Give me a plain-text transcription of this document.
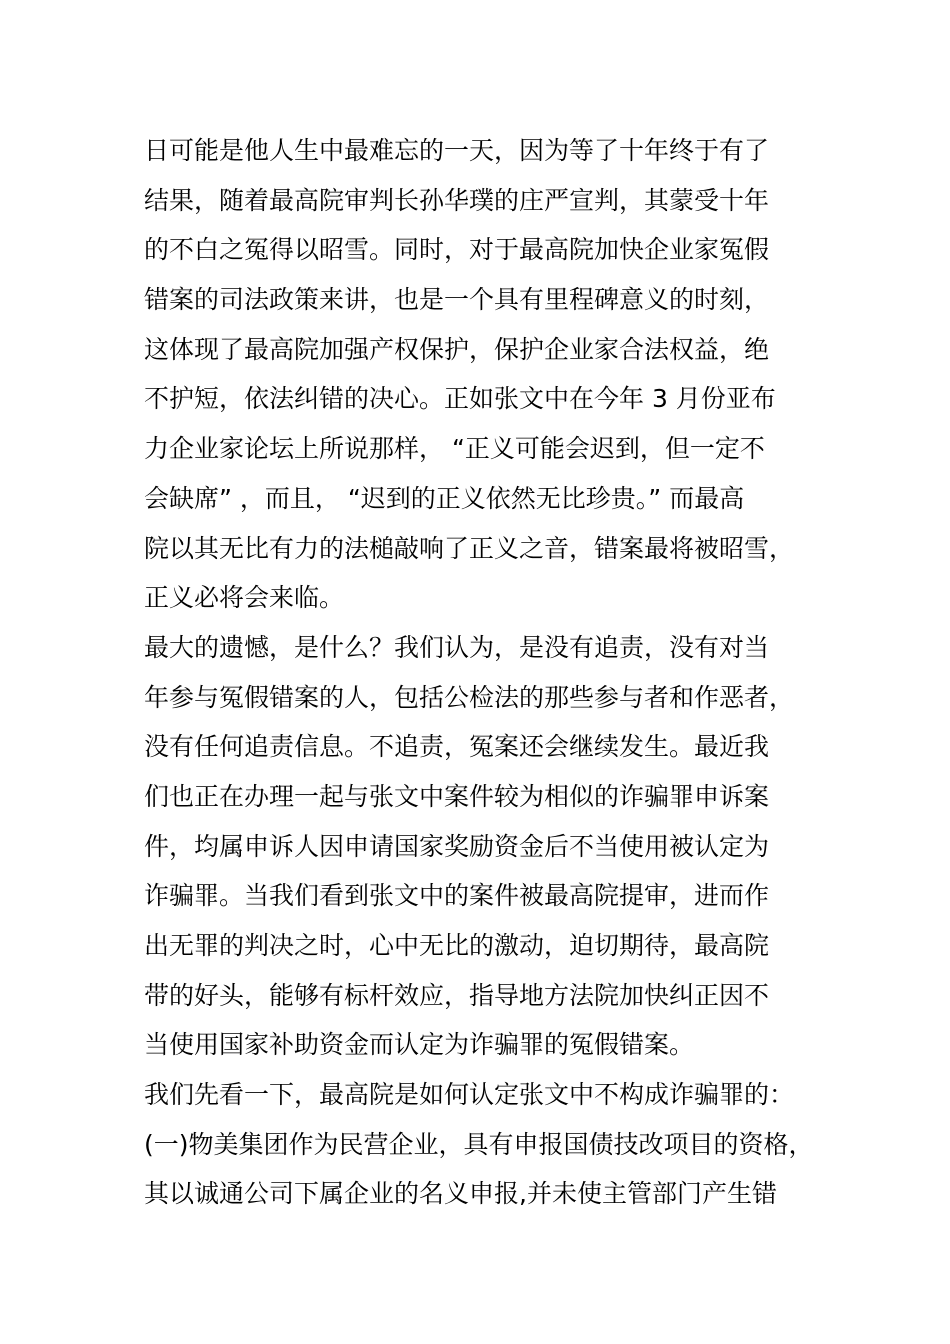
日可能是他人生中最难忘的一天，因为等了十年终于有了
结果，随着最高院审判长孙华璞的庄严宣判，其蒙受十年
的不白之冤得以昭雪。同时，对于最高院加快企业家冤假
错案的司法政策来讲，也是一个具有里程碑意义的时刻，
这体现了最高院加强产权保护，保护企业家合法权益，绝
不护短，依法纠错的决心。正如张文中在今年 3 月份亚布
力企业家论坛上所说那样， “正义可能会迟到，但一定不
会缺席” ，而且， “迟到的正义依然无比珍贵。” 而最高
院以其无比有力的法槌敲响了正义之音，错案最将被昭雪，
正义必将会来临。
最大的遗憾，是什么？我们认为，是没有追责，没有对当
年参与冤假错案的人，包括公检法的那些参与者和作恶者，
没有任何追责信息。不追责，冤案还会继续发生。最近我
们也正在办理一起与张文中案件较为相似的诈骗罪申诉案
件，均属申诉人因申请国家奖励资金后不当使用被认定为
诈骗罪。当我们看到张文中的案件被最高院提审，进而作
出无罪的判决之时，心中无比的激动，迫切期待，最高院
带的好头，能够有标杆效应，指导地方法院加快纠正因不
当使用国家补助资金而认定为诈骗罪的冤假错案。
我们先看一下，最高院是如何认定张文中不构成诈骗罪的：
(一)物美集团作为民营企业，具有申报国债技改项目的资格，
其以诚通公司下属企业的名义申报,并未使主管部门产生错
